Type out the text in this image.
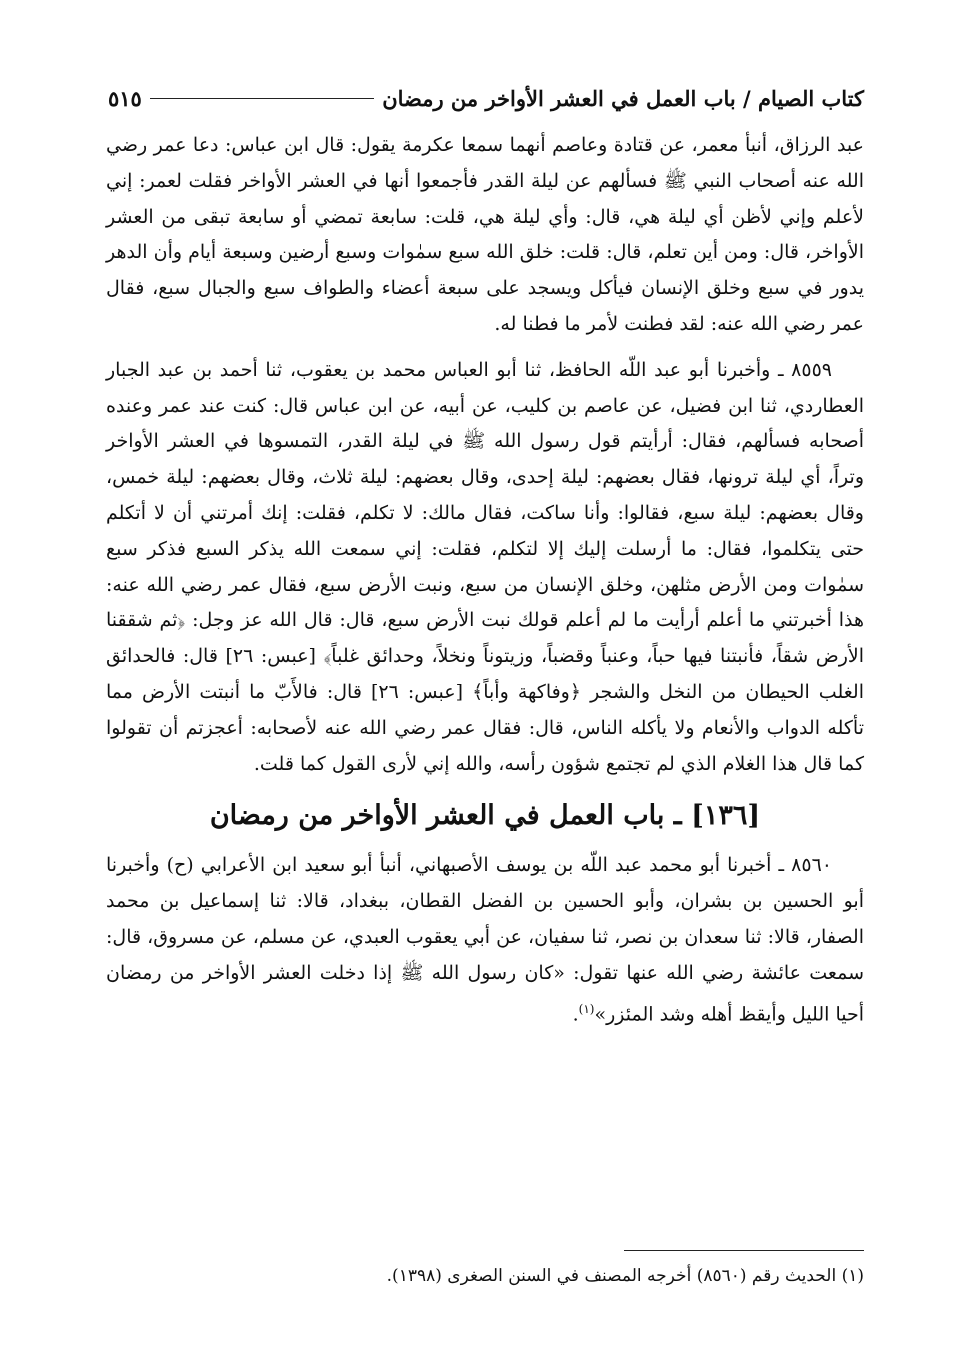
كتاب الصيام / باب العمل في العشر الأواخر من رمضان
٥١٥

عبد الرزاق، أنبأ معمر، عن قتادة وعاصم أنهما سمعا عكرمة يقول: قال ابن عباس: دعا عمر رضي الله عنه أصحاب النبي ﷺ فسألهم عن ليلة القدر فأجمعوا أنها في العشر الأواخر فقلت لعمر: إني لأعلم وإني لأظن أي ليلة هي، قال: وأي ليلة هي، قلت: سابعة تمضي أو سابعة تبقى من العشر الأواخر، قال: ومن أين تعلم، قال: قلت: خلق الله سبع سمٰوات وسبع أرضين وسبعة أيام وأن الدهر يدور في سبع وخلق الإنسان فيأكل ويسجد على سبعة أعضاء والطواف سبع والجبال سبع، فقال عمر رضي الله عنه: لقد فطنت لأمر ما فطنا له.

٨٥٥٩ ـ وأخبرنا أبو عبد اللّه الحافظ، ثنا أبو العباس محمد بن يعقوب، ثنا أحمد بن عبد الجبار العطاردي، ثنا ابن فضيل، عن عاصم بن كليب، عن أبيه، عن ابن عباس قال: كنت عند عمر وعنده أصحابه فسألهم، فقال: أرأيتم قول رسول الله ﷺ في ليلة القدر، التمسوها في العشر الأواخر وتراً، أي ليلة ترونها، فقال بعضهم: ليلة إحدى، وقال بعضهم: ليلة ثلاث، وقال بعضهم: ليلة خمس، وقال بعضهم: ليلة سبع، فقالوا: وأنا ساكت، فقال مالك: لا تكلم، فقلت: إنك أمرتني أن لا أتكلم حتى يتكلموا، فقال: ما أرسلت إليك إلا لتكلم، فقلت: إني سمعت الله يذكر السبع فذكر سبع سمٰوات ومن الأرض مثلهن، وخلق الإنسان من سبع، ونبت الأرض سبع، فقال عمر رضي الله عنه: هذا أخبرتني ما أعلم أرأيت ما لم أعلم قولك نبت الأرض سبع، قال: قال الله عز وجل: ﴿ثم شققنا الأرض شقاً، فأنبتنا فيها حباً، وعنباً وقضباً، وزيتوناً ونخلاً، وحدائق غلباً﴾ [عبس: ٢٦] قال: فالحدائق الغلب الحيطان من النخل والشجر ﴿وفاكهة وأباً﴾ [عبس: ٢٦] قال: فالأَبّ ما أنبتت الأرض مما تأكله الدواب والأنعام ولا يأكله الناس، قال: فقال عمر رضي الله عنه لأصحابه: أعجزتم أن تقولوا كما قال هذا الغلام الذي لم تجتمع شؤون رأسه، والله إني لأرى القول كما قلت.

[١٣٦] ـ باب العمل في العشر الأواخر من رمضان

٨٥٦٠ ـ أخبرنا أبو محمد عبد اللّه بن يوسف الأصبهاني، أنبأ أبو سعيد ابن الأعرابي (ح) وأخبرنا أبو الحسين بن بشران، وأبو الحسين بن الفضل القطان، ببغداد، قالا: ثنا إسماعيل بن محمد الصفار، قالا: ثنا سعدان بن نصر، ثنا سفيان، عن أبي يعقوب العبدي، عن مسلم، عن مسروق، قال: سمعت عائشة رضي الله عنها تقول: «كان رسول الله ﷺ إذا دخلت العشر الأواخر من رمضان أحيا الليل وأيقظ أهله وشد المئزر»$^{(١)}$.

(١) الحديث رقم (٨٥٦٠) أخرجه المصنف في السنن الصغرى (١٣٩٨).
